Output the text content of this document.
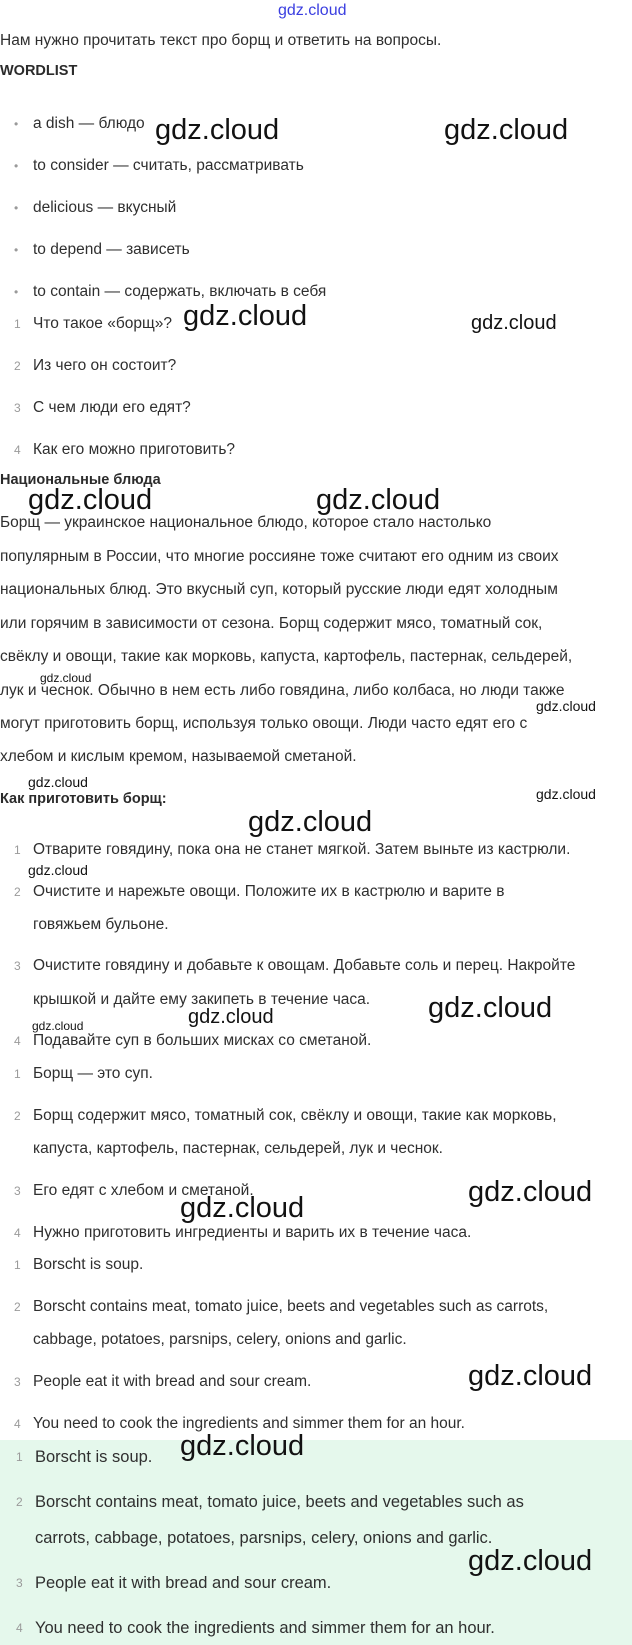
gdz.cloud
Нам нужно прочитать текст про борщ и ответить на вопросы.
WORDLIST
• a dish — блюдо
• to consider — считать, рассматривать
• delicious — вкусный
• to depend — зависеть
• to contain — содержать, включать в себя
1 Что такое «борщ»?
2 Из чего он состоит?
3 С чем люди его едят?
4 Как его можно приготовить?
Национальные блюда
Борщ — украинское национальное блюдо, которое стало настолько
популярным в России, что многие россияне тоже считают его одним из своих
национальных блюд. Это вкусный суп, который русские люди едят холодным
или горячим в зависимости от сезона. Борщ содержит мясо, томатный сок,
свёклу и овощи, такие как морковь, капуста, картофель, пастернак, сельдерей,
лук и чеснок. Обычно в нем есть либо говядина, либо колбаса, но люди также
могут приготовить борщ, используя только овощи. Люди часто едят его с
хлебом и кислым кремом, называемой сметаной.
Как приготовить борщ:
1 Отварите говядину, пока она не станет мягкой. Затем выньте из кастрюли.
2 Очистите и нарежьте овощи. Положите их в кастрюлю и варите в
говяжьем бульоне.
3 Очистите говядину и добавьте к овощам. Добавьте соль и перец. Накройте
крышкой и дайте ему закипеть в течение часа.
4 Подавайте суп в больших мисках со сметаной.
1 Борщ — это суп.
2 Борщ содержит мясо, томатный сок, свёклу и овощи, такие как морковь,
капуста, картофель, пастернак, сельдерей, лук и чеснок.
3 Его едят с хлебом и сметаной.
4 Нужно приготовить ингредиенты и варить их в течение часа.
1 Borscht is soup.
2 Borscht contains meat, tomato juice, beets and vegetables such as carrots,
cabbage, potatoes, parsnips, celery, onions and garlic.
3 People eat it with bread and sour cream.
4 You need to cook the ingredients and simmer them for an hour.
1 Borscht is soup.
2 Borscht contains meat, tomato juice, beets and vegetables such as
carrots, cabbage, potatoes, parsnips, celery, onions and garlic.
3 People eat it with bread and sour cream.
4 You need to cook the ingredients and simmer them for an hour.
gdz.cloud	gdz.cloud
gdz.cloud	gdz.cloud
gdz.cloud	gdz.cloud
gdz.cloud
gdz.cloud
gdz.cloud
gdz.cloud
gdz.cloud
gdz.cloud
gdz.cloud	gdz.cloud
gdz.cloud
gdz.cloud
gdz.cloud
gdz.cloud
gdz.cloud
gdz.cloud
